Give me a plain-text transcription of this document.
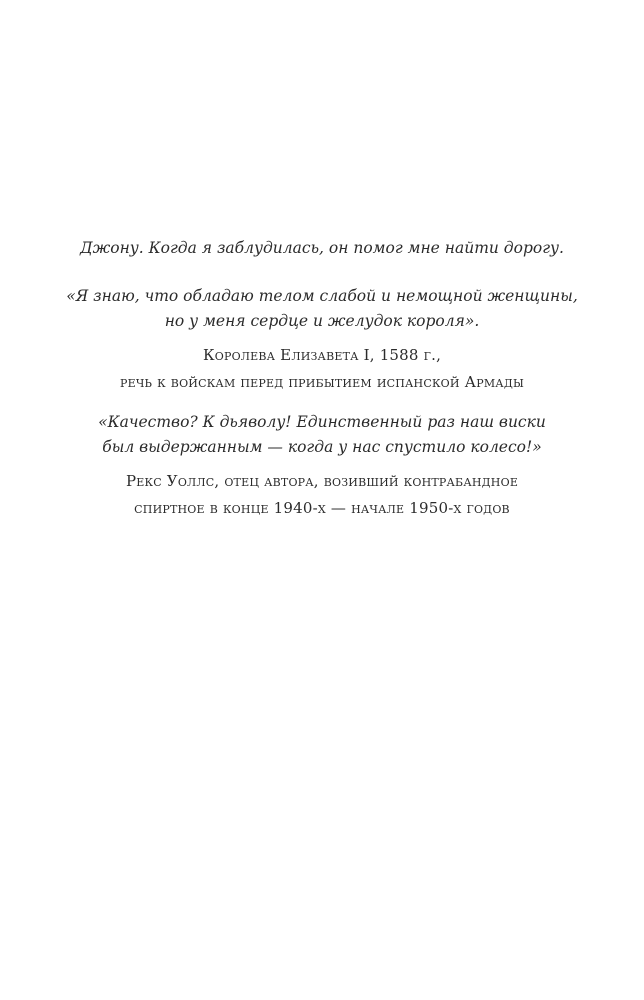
Джону. Когда я заблудилась, он помог мне найти дорогу.
«Я знаю, что обладаю телом слабой и немощной женщины,
но у меня сердце и желудок короля».
Королева Елизавета I, 1588 г.,
речь к войскам перед прибытием испанской Армады
«Качество? К дьяволу! Единственный раз наш виски
был выдержанным — когда у нас спустило колесо!»
Рекс Уоллс, отец автора, возивший контрабандное
спиртное в конце 1940-х — начале 1950-х годов
